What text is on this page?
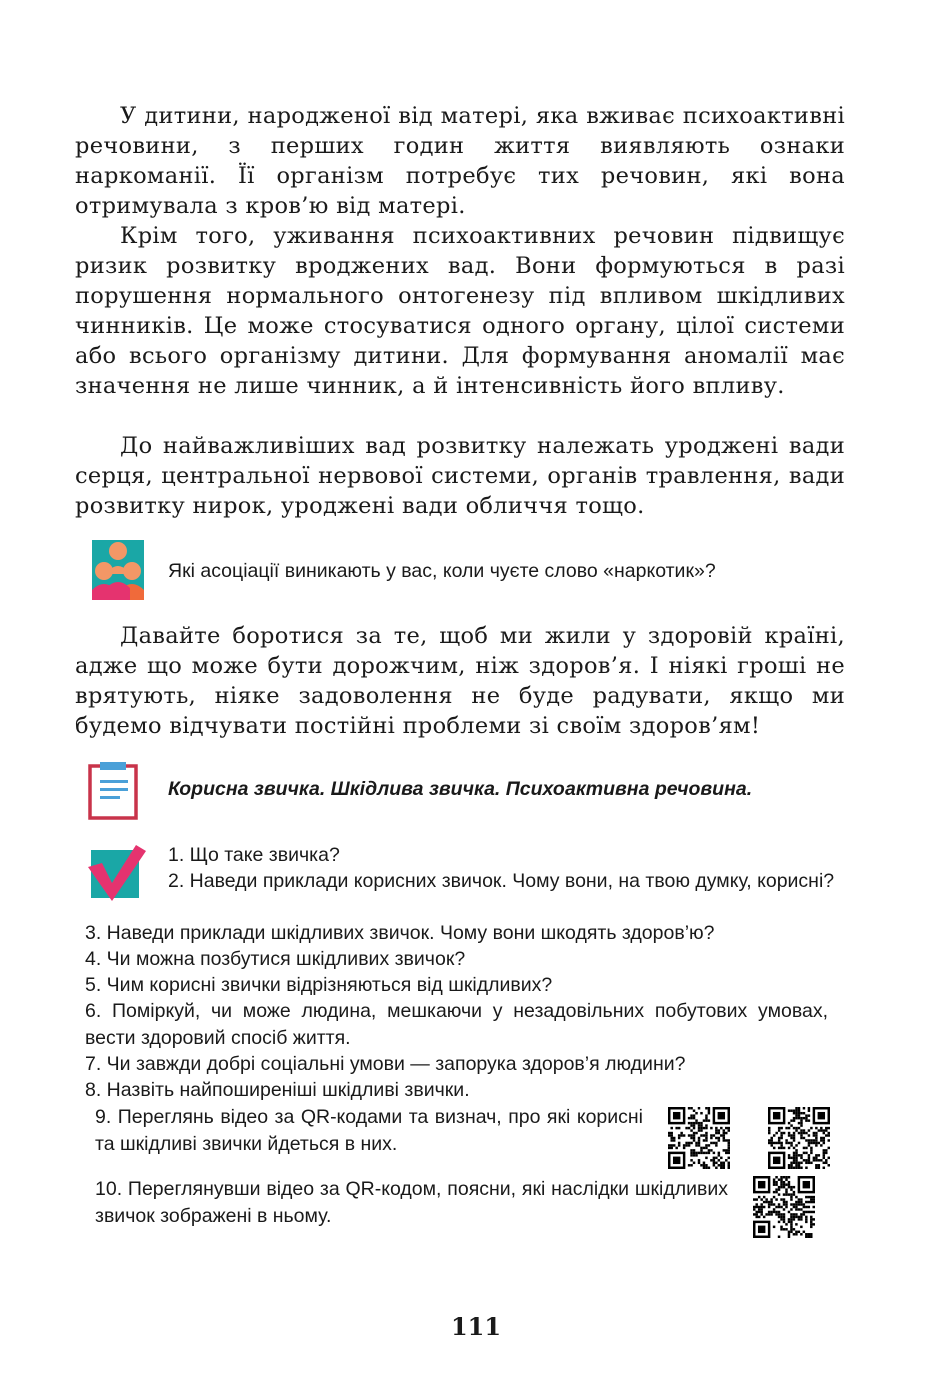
У дитини, народженої від матері, яка вживає психоактивні речовини, з перших годин життя виявляють ознаки наркоманії. Її організм потребує тих речовин, які вона отримувала з кров’ю від матері.

Крім того, уживання психоактивних речовин підвищує ризик розвитку вроджених вад. Вони формуються в разі порушення нормального онтогенезу під впливом шкідливих чинників. Це може стосуватися одного органу, цілої системи або всього організму дитини. Для формування аномалії має значення не лише чинник, а й інтенсивність його впливу.

До найважливіших вад розвитку належать уроджені вади серця, центральної нервової системи, органів травлення, вади розвитку нирок, уроджені вади обличчя тощо.

Які асоціації виникають у вас, коли чуєте слово «наркотик»?

Давайте боротися за те, щоб ми жили у здоровій країні, адже що може бути дорожчим, ніж здоров’я. І ніякі гроші не врятують, ніяке задоволення не буде радувати, якщо ми будемо відчувати постійні проблеми зі своїм здоров’ям!

Корисна звичка. Шкідлива звичка. Психоактивна речовина.

1. Що таке звичка?

2. Наведи приклади корисних звичок. Чому вони, на твою думку, корисні?

3. Наведи приклади шкідливих звичок. Чому вони шкодять здоров’ю?

4. Чи можна позбутися шкідливих звичок?

5. Чим корисні звички відрізняються від шкідливих?

6. Поміркуй, чи може людина, мешкаючи у незадовільних побутових умовах, вести здоровий спосіб життя.

7. Чи завжди добрі соціальні умови — запорука здоров’я людини?

8. Назвіть найпоширеніші шкідливі звички.

9. Переглянь відео за QR-кодами та визнач, про які корисні та шкідливі звички йдеться в них.

10. Переглянувши відео за QR-кодом, поясни, які наслідки шкідливих звичок зображені в ньому.

111
